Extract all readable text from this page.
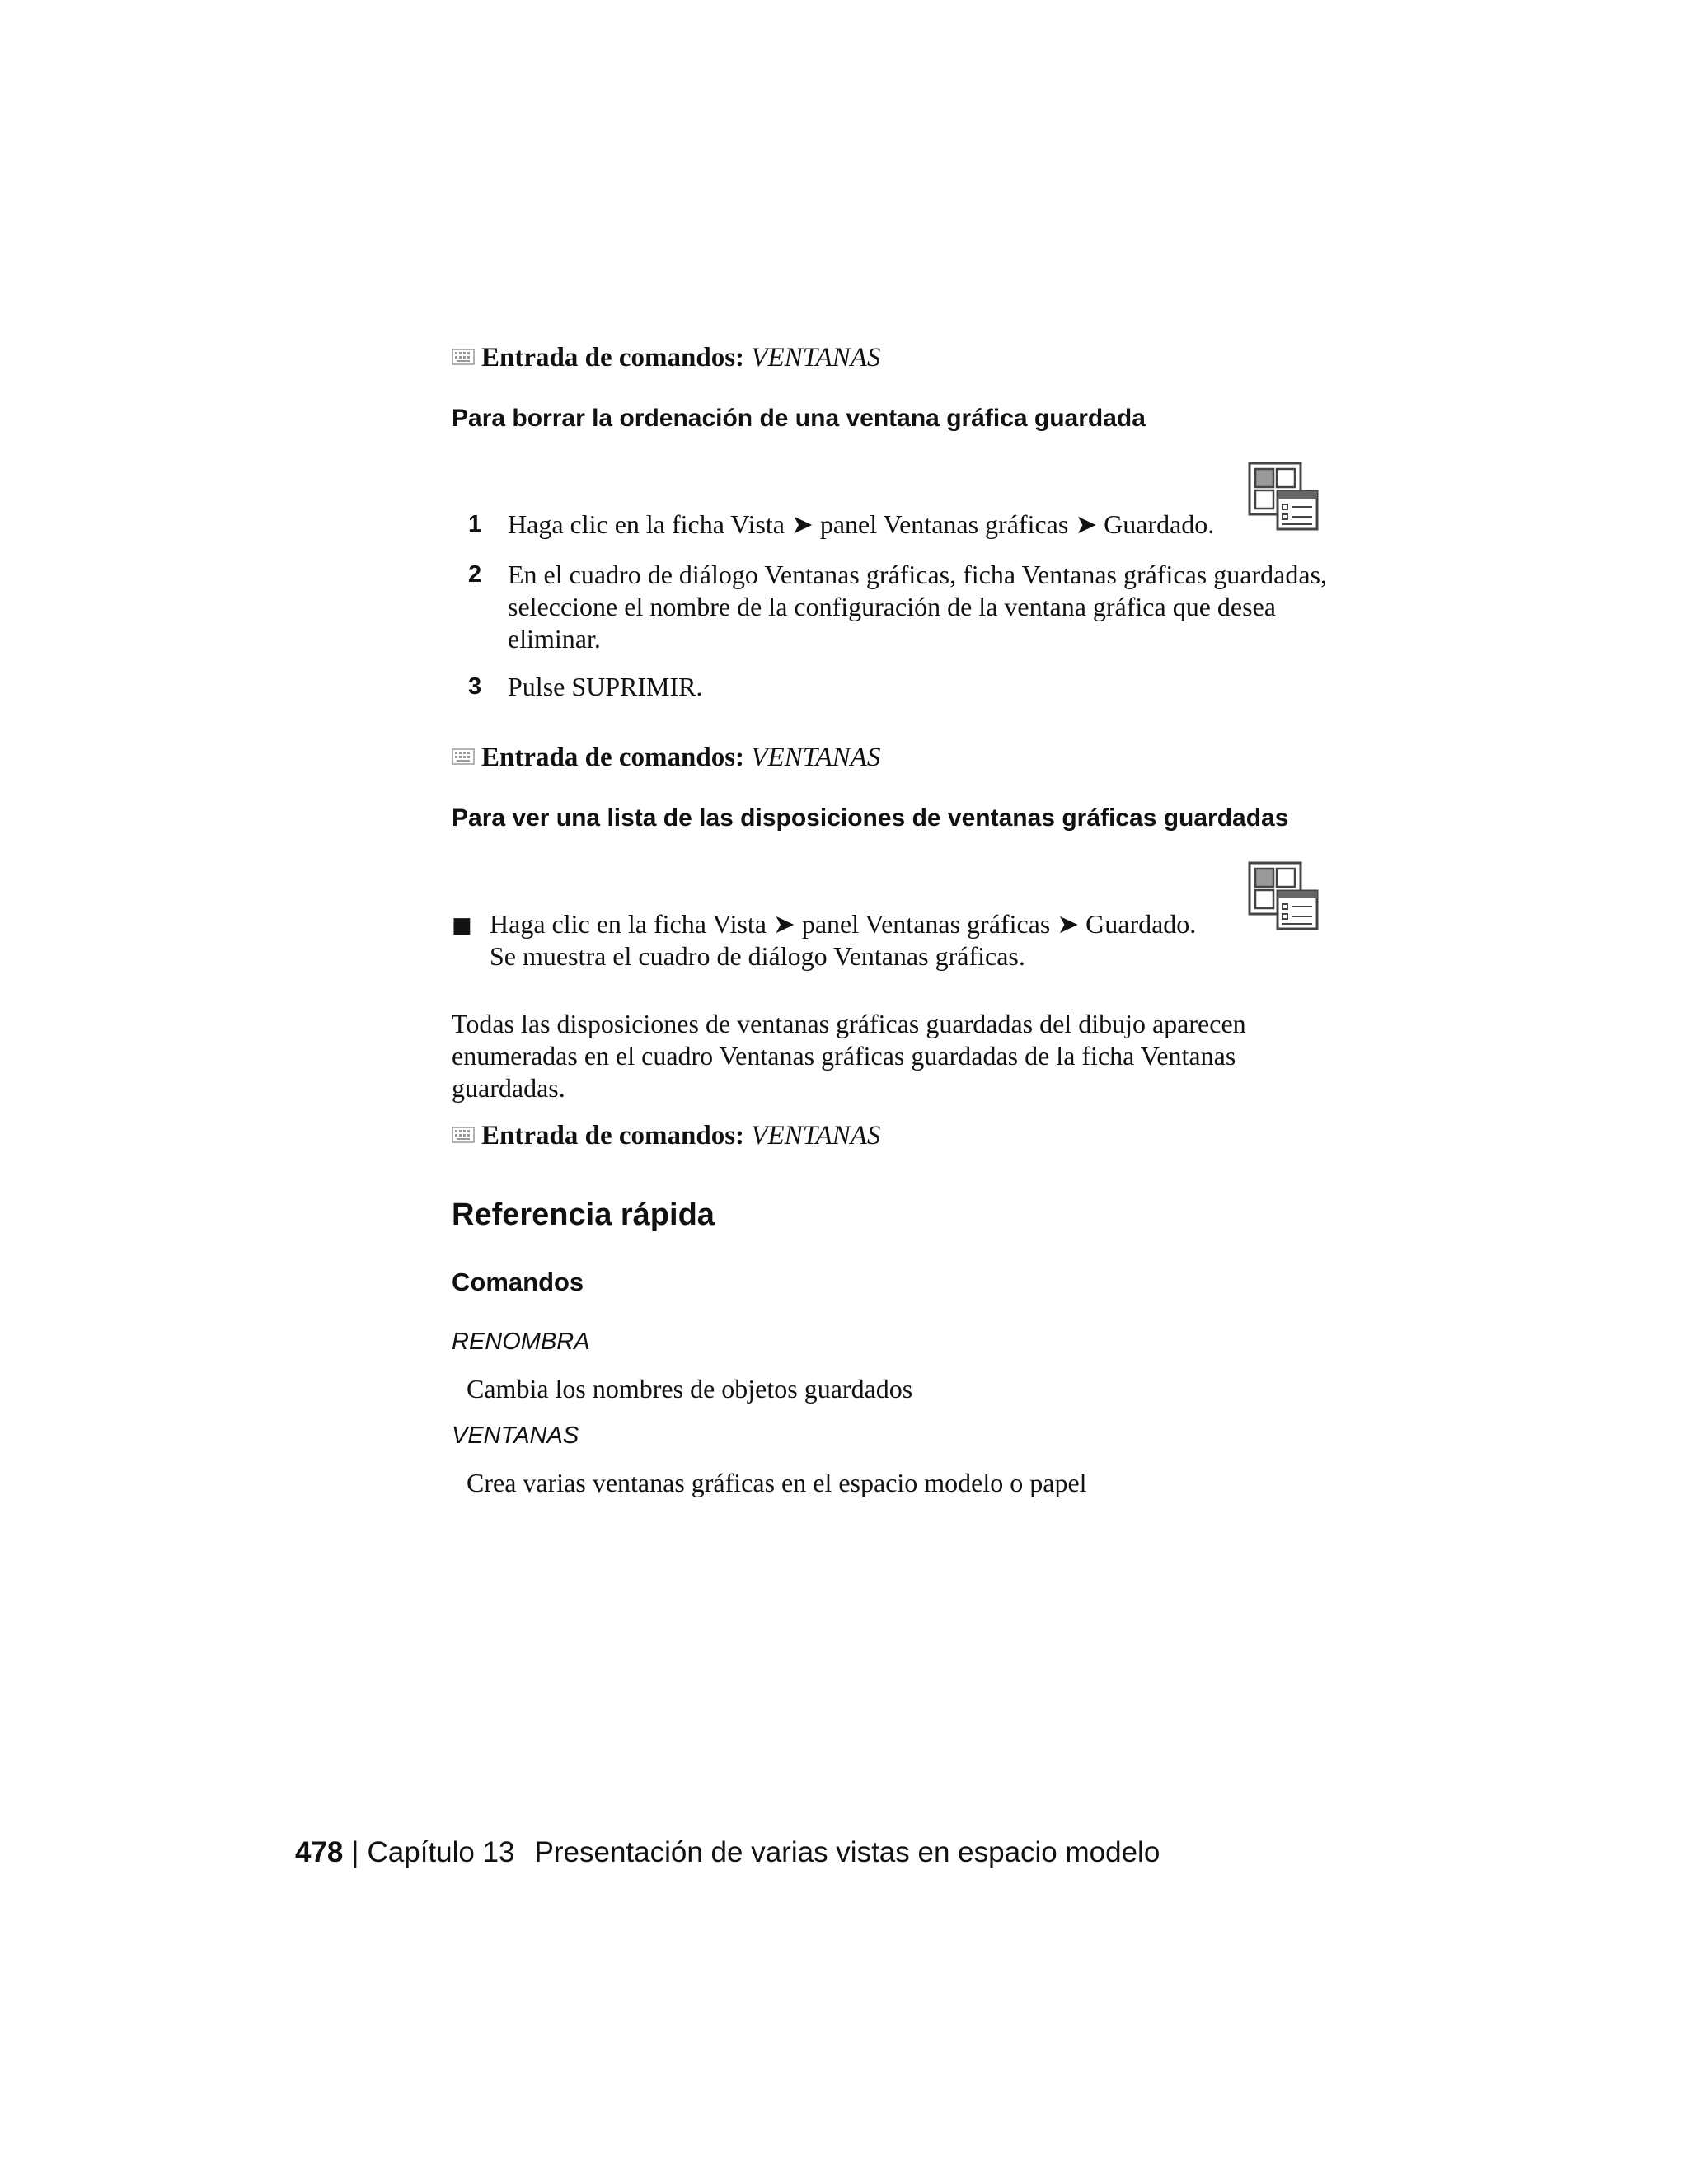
Entrada de comandos: VENTANAS
Para borrar la ordenación de una ventana gráfica guardada
1 Haga clic en la ficha Vista ➤ panel Ventanas gráficas ➤ Guardado.
2 En el cuadro de diálogo Ventanas gráficas, ficha Ventanas gráficas guardadas, seleccione el nombre de la configuración de la ventana gráfica que desea eliminar.
3 Pulse SUPRIMIR.
Entrada de comandos: VENTANAS
Para ver una lista de las disposiciones de ventanas gráficas guardadas
■ Haga clic en la ficha Vista ➤ panel Ventanas gráficas ➤ Guardado.
Se muestra el cuadro de diálogo Ventanas gráficas.
Todas las disposiciones de ventanas gráficas guardadas del dibujo aparecen enumeradas en el cuadro Ventanas gráficas guardadas de la ficha Ventanas guardadas.
Entrada de comandos: VENTANAS
Referencia rápida
Comandos
RENOMBRA
Cambia los nombres de objetos guardados
VENTANAS
Crea varias ventanas gráficas en el espacio modelo o papel
478 | Capítulo 13 Presentación de varias vistas en espacio modelo
